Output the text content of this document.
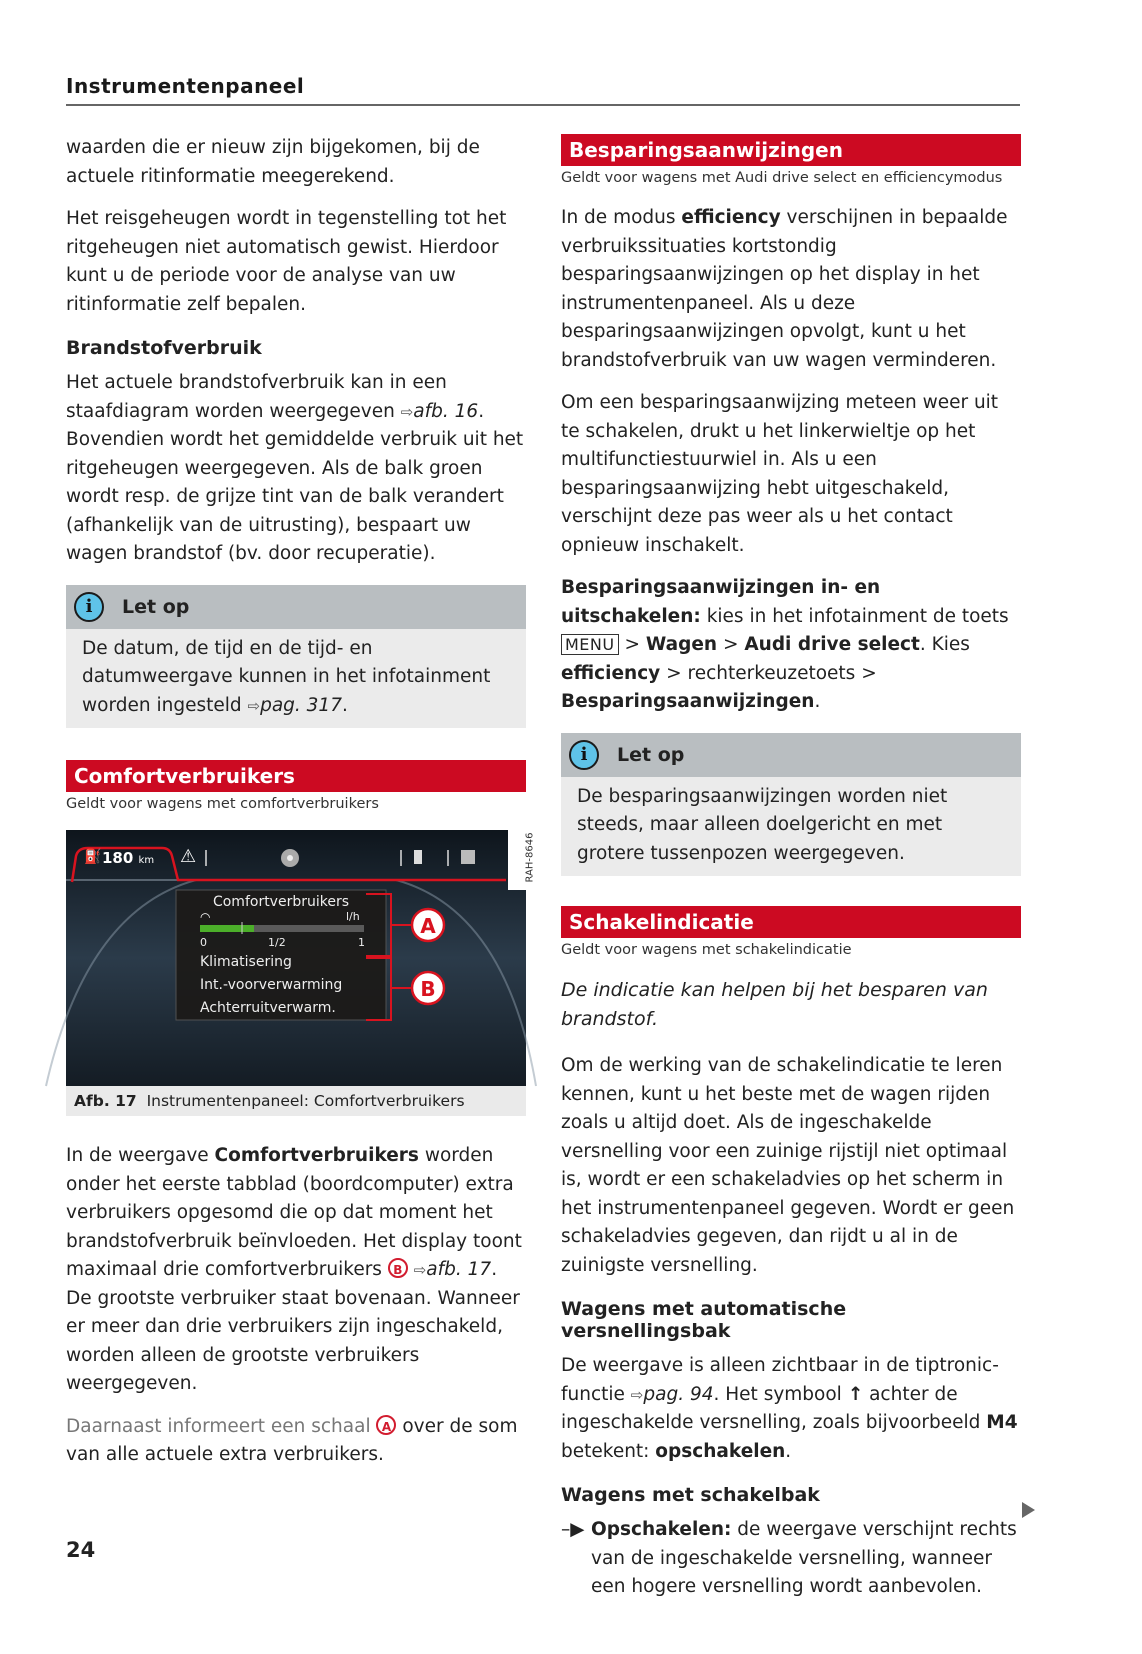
Instrumentenpaneel

waarden die er nieuw zijn bijgekomen, bij de actuele ritinformatie meegerekend.

Het reisgeheugen wordt in tegenstelling tot het ritgeheugen niet automatisch gewist. Hierdoor kunt u de periode voor de analyse van uw ritinformatie zelf bepalen.

Brandstofverbruik

Het actuele brandstofverbruik kan in een staafdiagram worden weergegeven ⇨afb. 16. Bovendien wordt het gemiddelde verbruik uit het ritgeheugen weergegeven. Als de balk groen wordt resp. de grijze tint van de balk verandert (afhankelijk van de uitrusting), bespaart uw wagen brandstof (bv. door recuperatie).

i	Let op
De datum, de tijd en de tijd- en datumweergave kunnen in het infotainment worden ingesteld ⇨pag. 317.
Comfortverbruikers
Geldt voor wagens met comfortverbruikers
⛽ 180 km ⚠
Comfortverbruikers
◠	l/h
0	1/2	1
Klimatisering
Int.-voorverwarming
Achterruitverwarm.
A
B
RAH-8646
Afb. 17 Instrumentenpaneel: Comfortverbruikers

In de weergave Comfortverbruikers worden onder het eerste tabblad (boordcomputer) extra verbruikers opgesomd die op dat moment het brandstofverbruik beïnvloeden. Het display toont maximaal drie comfortverbruikers B ⇨afb. 17. De grootste verbruiker staat bovenaan. Wanneer er meer dan drie verbruikers zijn ingeschakeld, worden alleen de grootste verbruikers weergegeven.

Daarnaast informeert een schaal A over de som van alle actuele extra verbruikers.

Besparingsaanwijzingen
Geldt voor wagens met Audi drive select en efficiencymodus

In de modus efficiency verschijnen in bepaalde verbruikssituaties kortstondig besparingsaanwijzingen op het display in het instrumentenpaneel. Als u deze besparingsaanwijzingen opvolgt, kunt u het brandstofverbruik van uw wagen verminderen.

Om een besparingsaanwijzing meteen weer uit te schakelen, drukt u het linkerwieltje op het multifunctiestuurwiel in. Als u een besparingsaanwijzing hebt uitgeschakeld, verschijnt deze pas weer als u het contact opnieuw inschakelt.

Besparingsaanwijzingen in- en uitschakelen: kies in het infotainment de toets MENU > Wagen > Audi drive select. Kies efficiency > rechterkeuzetoets > Besparingsaanwijzingen.

i	Let op
De besparingsaanwijzingen worden niet steeds, maar alleen doelgericht en met grotere tussenpozen weergegeven.
Schakelindicatie
Geldt voor wagens met schakelindicatie
De indicatie kan helpen bij het besparen van brandstof.

Om de werking van de schakelindicatie te leren kennen, kunt u het beste met de wagen rijden zoals u altijd doet. Als de ingeschakelde versnelling voor een zuinige rijstijl niet optimaal is, wordt er een schakeladvies op het scherm in het instrumentenpaneel gegeven. Wordt er geen schakeladvies gegeven, dan rijdt u al in de zuinigste versnelling.

Wagens met automatische versnellingsbak

De weergave is alleen zichtbaar in de tiptronic-functie ⇨pag. 94. Het symbool ↑ achter de ingeschakelde versnelling, zoals bijvoorbeeld M4 betekent: opschakelen.

Wagens met schakelbak
–▶ Opschakelen: de weergave verschijnt rechts van de ingeschakelde versnelling, wanneer een hogere versnelling wordt aanbevolen.
24
